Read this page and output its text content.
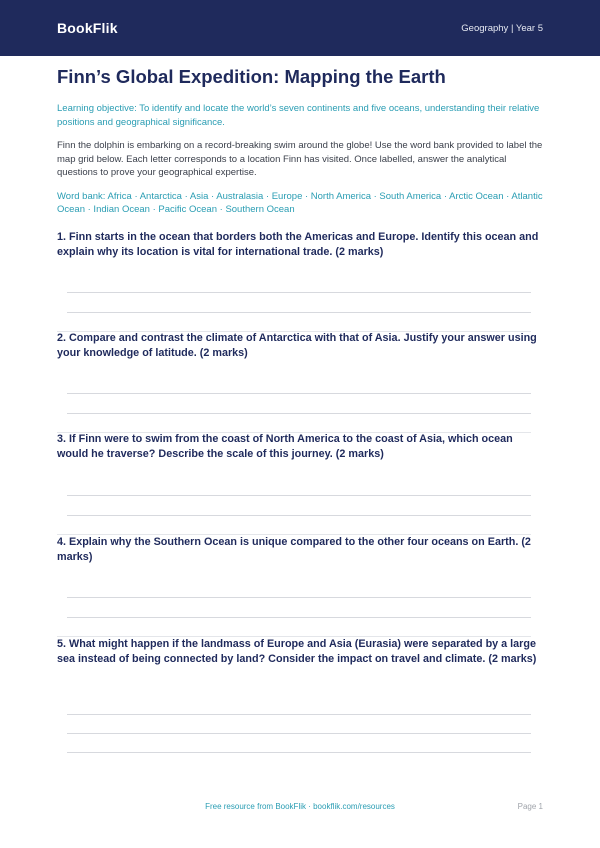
BookFlik	Geography | Year 5
Finn’s Global Expedition: Mapping the Earth
Learning objective: To identify and locate the world’s seven continents and five oceans, understanding their relative positions and geographical significance.
Finn the dolphin is embarking on a record-breaking swim around the globe! Use the word bank provided to label the map grid below. Each letter corresponds to a location Finn has visited. Once labelled, answer the analytical questions to prove your geographical expertise.
Word bank: Africa · Antarctica · Asia · Australasia · Europe · North America · South America · Arctic Ocean · Atlantic Ocean · Indian Ocean · Pacific Ocean · Southern Ocean
1. Finn starts in the ocean that borders both the Americas and Europe. Identify this ocean and explain why its location is vital for international trade. (2 marks)
2. Compare and contrast the climate of Antarctica with that of Asia. Justify your answer using your knowledge of latitude. (2 marks)
3. If Finn were to swim from the coast of North America to the coast of Asia, which ocean would he traverse? Describe the scale of this journey. (2 marks)
4. Explain why the Southern Ocean is unique compared to the other four oceans on Earth. (2 marks)
5. What might happen if the landmass of Europe and Asia (Eurasia) were separated by a large sea instead of being connected by land? Consider the impact on travel and climate. (2 marks)
Free resource from BookFlik · bookflik.com/resources	Page 1
